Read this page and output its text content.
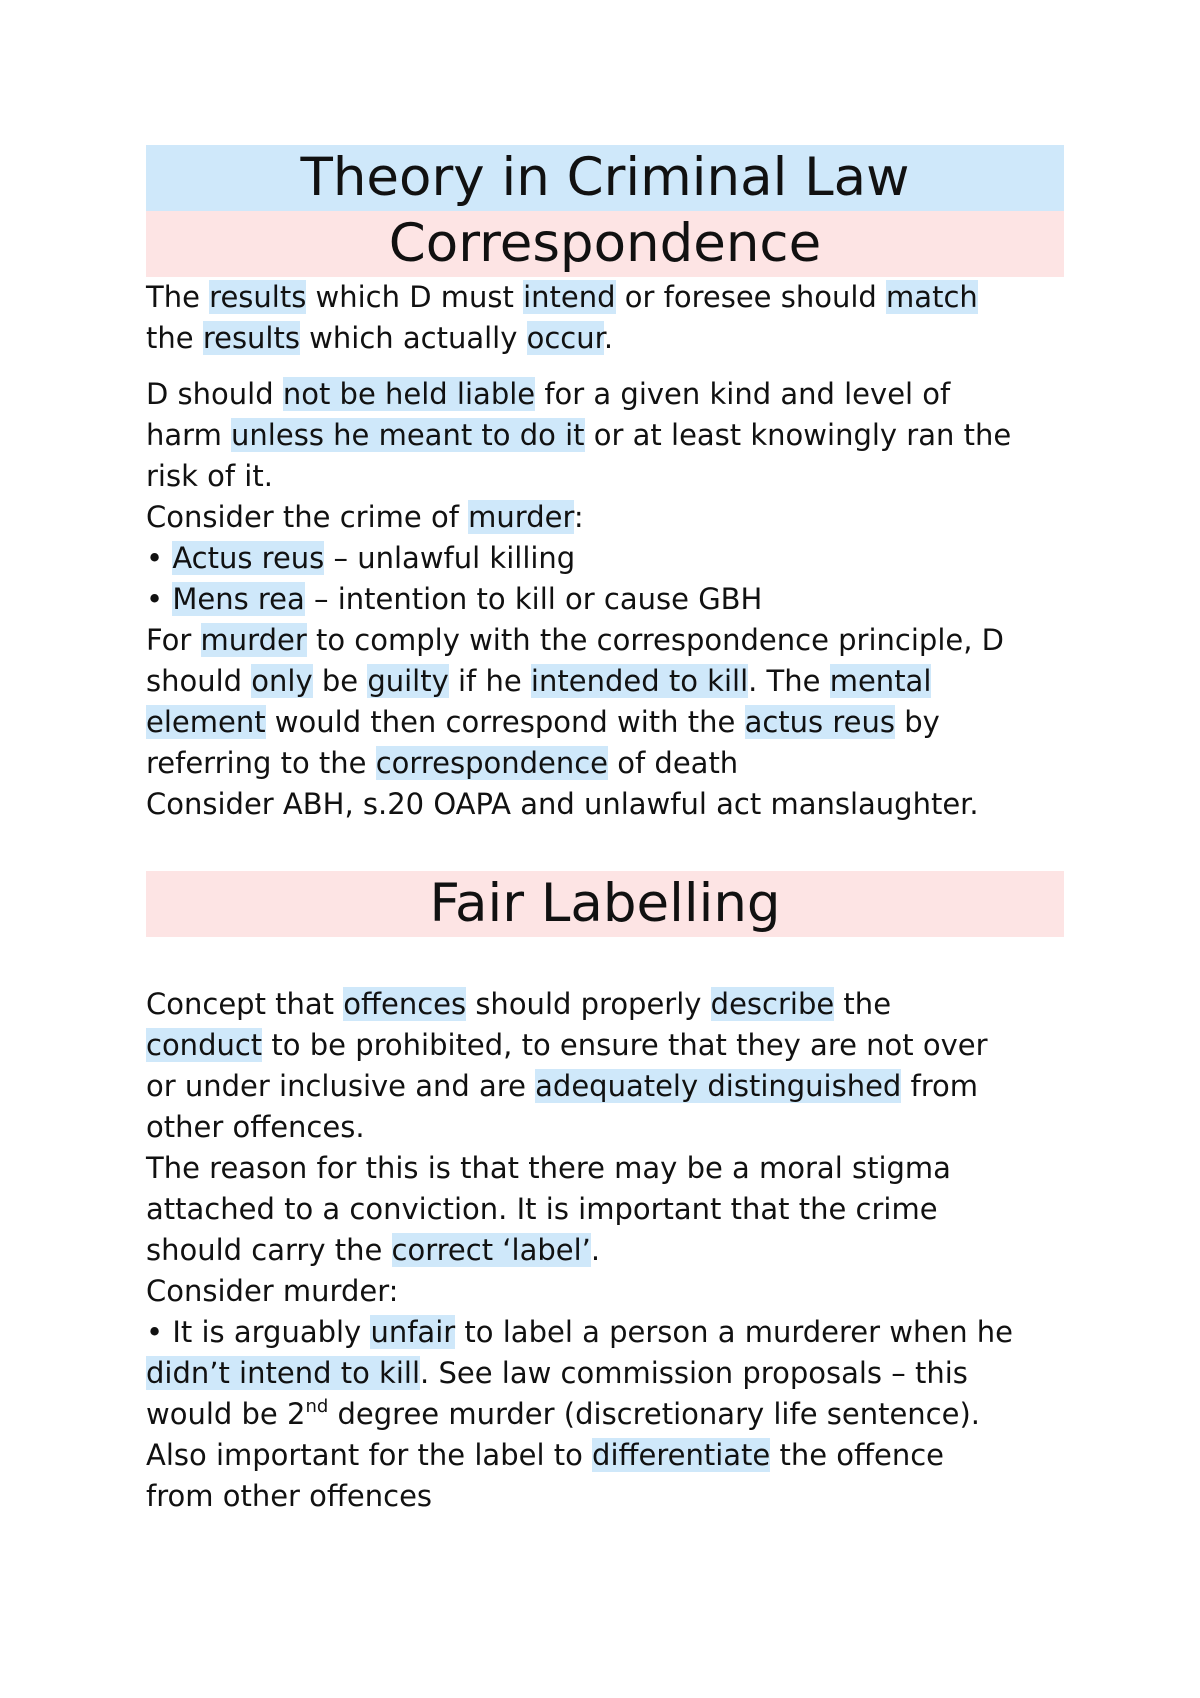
Theory in Criminal Law
Correspondence
The results which D must intend or foresee should match
the results which actually occur.
D should not be held liable for a given kind and level of
harm unless he meant to do it or at least knowingly ran the
risk of it.
Consider the crime of murder:
• Actus reus – unlawful killing
• Mens rea – intention to kill or cause GBH
For murder to comply with the correspondence principle, D
should only be guilty if he intended to kill. The mental
element would then correspond with the actus reus by
referring to the correspondence of death
Consider ABH, s.20 OAPA and unlawful act manslaughter.
Fair Labelling
Concept that offences should properly describe the
conduct to be prohibited, to ensure that they are not over
or under inclusive and are adequately distinguished from
other offences.
The reason for this is that there may be a moral stigma
attached to a conviction. It is important that the crime
should carry the correct ‘label’.
Consider murder:
• It is arguably unfair to label a person a murderer when he
didn’t intend to kill. See law commission proposals – this
would be 2nd degree murder (discretionary life sentence).
Also important for the label to differentiate the offence
from other offences
